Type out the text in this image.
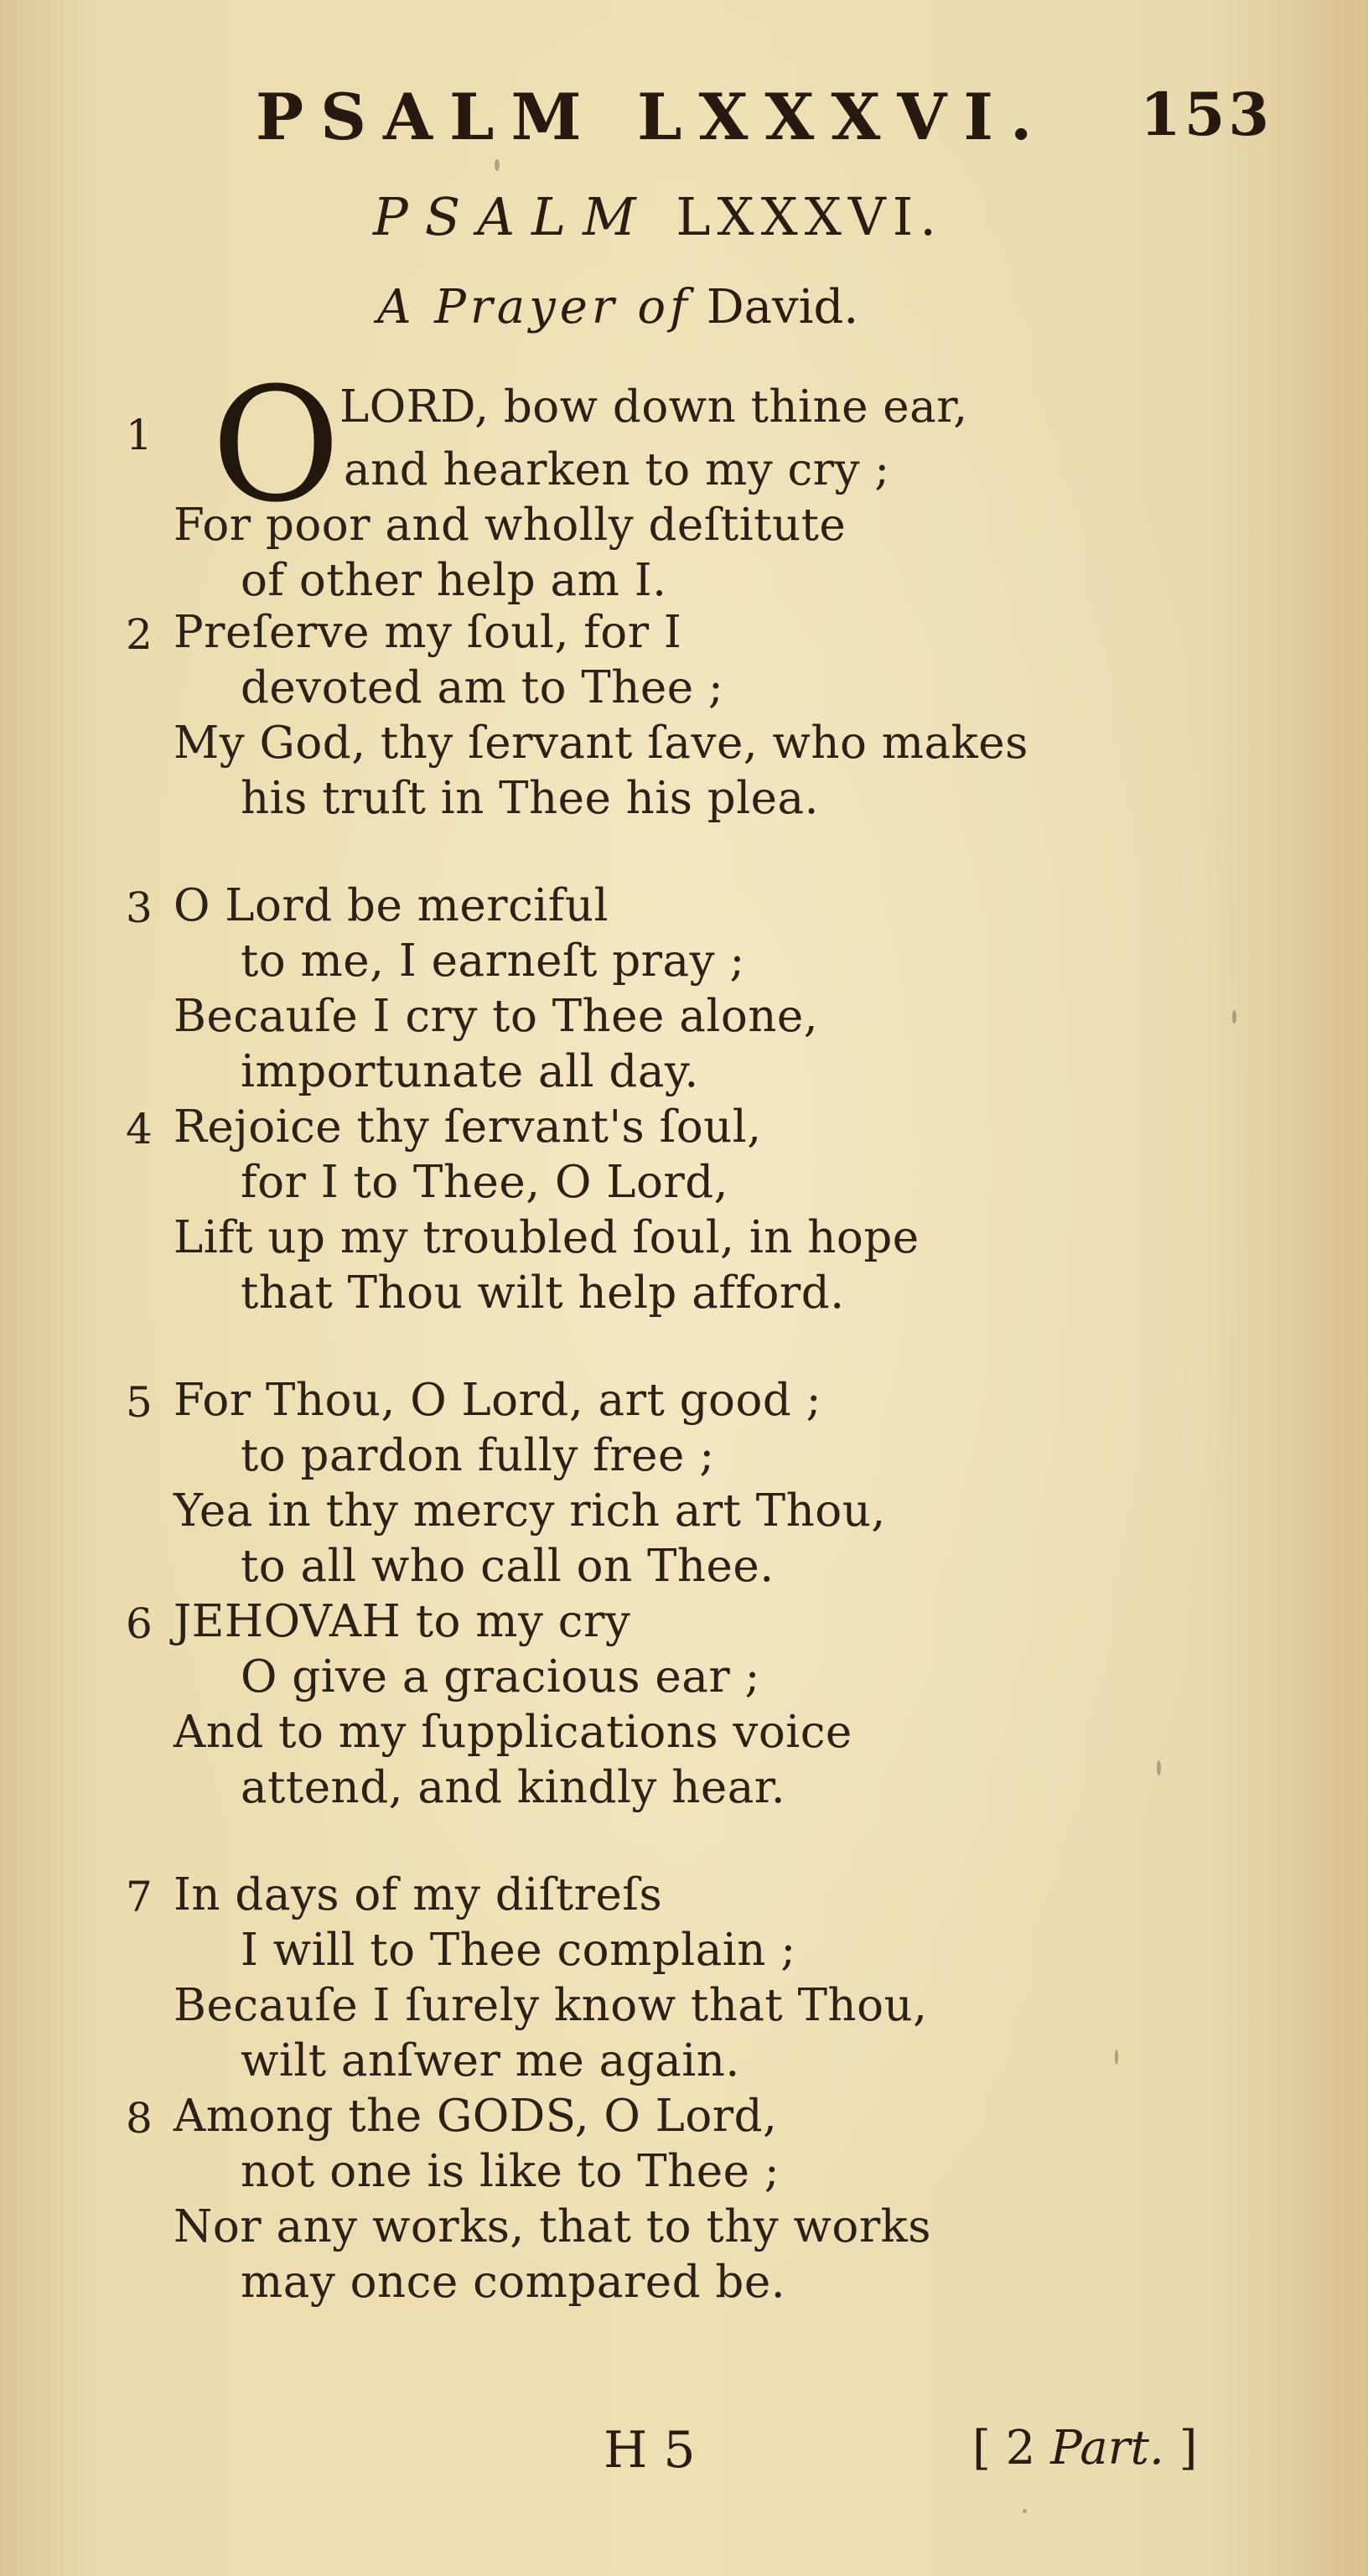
PSALM LXXXVI. 153
PSALM LXXXVI.
A Prayer of David.
1 O
LORD, bow down thine ear,
and hearken to my cry ;
For poor and wholly deſtitute
of other help am I.
2 Preſerve my ſoul, for I
devoted am to Thee ;
My God, thy ſervant ſave, who makes
his truſt in Thee his plea.
3 O Lord be merciful
to me, I earneſt pray ;
Becauſe I cry to Thee alone,
importunate all day.
4 Rejoice thy ſervant's ſoul,
for I to Thee, O Lord,
Lift up my troubled ſoul, in hope
that Thou wilt help afford.
5 For Thou, O Lord, art good ;
to pardon fully free ;
Yea in thy mercy rich art Thou,
to all who call on Thee.
6 JEHOVAH to my cry
O give a gracious ear ;
And to my ſupplications voice
attend, and kindly hear.
7 In days of my diſtreſs
I will to Thee complain ;
Becauſe I ſurely know that Thou,
wilt anſwer me again.
8 Among the GODS, O Lord,
not one is like to Thee ;
Nor any works, that to thy works
may once compared be.
H 5	[ 2 Part. ]
